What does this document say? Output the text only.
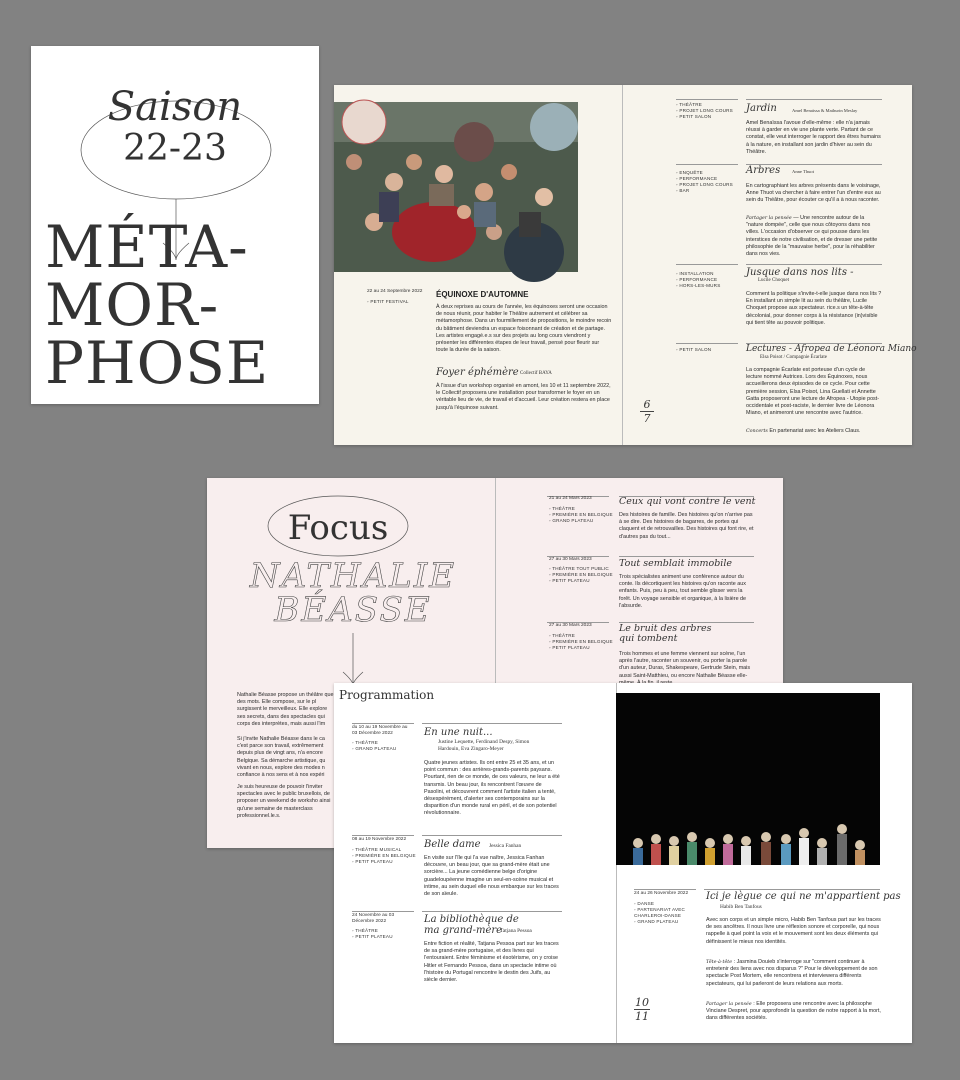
Saison
22-23
MÉTA-
MOR-
PHOSE
22 au 24 Septembre 2022
◦ PETIT FESTIVAL
ÉQUINOXE D'AUTOMNE
À deux reprises au cours de l'année, les équinoxes seront une occasion de nous réunir, pour habiter le Théâtre autrement et célébrer sa métamorphose. Dans un fourmillement de propositions, le moindre recoin du bâtiment deviendra un espace foisonnant de création et de partage. Les artistes engagé.e.s sur des projets au long cours viendront y présenter les différentes étapes de leur travail, pensé pour fleurir sur toute la durée de la saison.
Foyer éphémère Collectif BAYA
À l'issue d'un workshop organisé en amont, les 10 et 11 septembre 2022, le Collectif proposera une installation pour transformer le foyer en un véritable lieu de vie, de travail et d'accueil. Leur création restera en place jusqu'à l'équinoxe suivant.	6
7
◦ THÉÂTRE
◦ PROJET LONG COURS
◦ PETIT SALON
Jardin	Amel Benaïssa & Mathurin Meslay
Amel Benaïssa l'avoue d'elle-même : elle n'a jamais réussi à garder en vie une plante verte. Partant de ce constat, elle veut interroger le rapport des êtres humains à la nature, en installant son jardin d'hiver au sein du Théâtre.
◦ ENQUÊTE
◦ PERFORMANCE
◦ PROJET LONG COURS
◦ BAR
Arbres	Anne Thuot
En cartographiant les arbres présents dans le voisinage, Anne Thuot va chercher à faire entrer l'un d'entre eux au sein du Théâtre, pour écouter ce qu'il a à nous raconter.
Partager la pensée — Une rencontre autour de la "nature dompée", celle que nous côtoyons dans nos villes. L'occasion d'observer ce qui pousse dans les interstices de notre civilisation, et de dresser une petite philosophie de la "mauvaise herbe", pour la réhabiliter dans nos vies.
◦ INSTALLATION
◦ PERFORMANCE
◦ HORS-LES-MURS
Jusque dans nos lits -
Lucile Choquet
Comment la politique s'invite-t-elle jusque dans nos lits ? En installant un simple lit au sein du théâtre, Lucile Choquet propose aux spectateur. rice.s un tête-à-tête décolonial, pour donner corps à la résistance (in)visible qui tient tête au pouvoir politique.
◦ PETIT SALON	Lectures - Afropea de Léonora Miano
Elsa Poisot / Compagnie Écarlate
La compagnie Écarlate est porteuse d'un cycle de lecture nommé Autrices. Lors des Équinoxes, nous accueillerons deux épisodes de ce cycle. Pour cette première session, Elsa Poisot, Lina Guellati et Annette Gatta proposeront une lecture de Afropea - Utopie post-occidentale et post-raciste, le dernier livre de Léonora Miano, et animeront une rencontre avec l'autrice.
Concerts En partenariat avec les Ateliers Claus.
Focus
NATHALIE
BÉASSE
Nathalie Béasse propose un théâtre que des mots. Elle compose, sur le pl surgissent le merveilleux. Elle explore ses secrets, dans des spectacles qui corps des interprètes, mais aussi l'im
Si j'invite Nathalie Béasse dans le ca c'est parce son travail, extrêmement depuis plus de vingt ans, n'a encore Belgique. Sa démarche artistique, qu vivant en nous, explore des modes n confiance à nos sens et à nos expéri
Je suis heureuse de pouvoir l'inviter spectacles avec le public bruxellois, de proposer un weekend de worksho ainsi qu'une semaine de masterclass professionnel.le.s.
21 au 24 Mars 2023
◦ THÉÂTRE
◦ PREMIÈRE EN BELGIQUE
◦ GRAND PLATEAU
Ceux qui vont contre le vent
Des histoires de famille. Des histoires qu'on n'arrive pas à se dire. Des histoires de bagarres, de portes qui claquent et de retrouvailles. Des histoires qui font rire, et d'autres pas du tout...
27 au 30 Mars 2023
◦ THÉÂTRE TOUT PUBLIC
◦ PREMIÈRE EN BELGIQUE
◦ PETIT PLATEAU
Tout semblait immobile
Trois spécialistes animent une conférence autour du conte. Ils décortiquent les histoires qu'on raconte aux enfants. Puis, peu à peu, tout semble glisser vers la forêt. Un voyage sensible et organique, à la lisière de l'absurde.
27 au 30 Mars 2023
◦ THÉÂTRE
◦ PREMIÈRE EN BELGIQUE
◦ PETIT PLATEAU
Le bruit des arbres qui tombent
Trois hommes et une femme viennent sur scène, l'un après l'autre, raconter un souvenir, ou porter la parole d'un auteur, Duras, Shakespeare, Gertrude Stein, mais aussi Saint-Matthieu, ou encore Nathalie Béasse elle-
Programmation
du 10 au 19 Novembre au 03 Décembre 2022
◦ THÉÂTRE
◦ GRAND PLATEAU
En une nuit...
Justine Lequette, Ferdinand Despy, Simon Hardouin, Eva Zingaro-Meyer
Quatre jeunes artistes. Ils ont entre 25 et 35 ans, et un point commun : des arrières-grands-parents paysans. Pourtant, rien de ce monde, de ces valeurs, ne leur a été transmis. Un beau jour, ils rencontrent l'œuvre de Pasolini, et découvrent comment l'artiste italien a tenté, désespérément, d'alerter ses contemporains sur la disparition d'un monde rural en péril, et de son potentiel révolutionnaire.
08 au 19 Novembre 2022
◦ THÉÂTRE MUSICAL
◦ PREMIÈRE EN BELGIQUE
◦ PETIT PLATEAU
Belle dame Jessica Fanhan
En visite sur l'île qui l'a vue naître, Jessica Fanhan découvre, un beau jour, que sa grand-mère était une sorcière... La jeune comédienne belge d'origine guadeloupéenne imagine un seul-en-scène musical et intime, au sein duquel elle nous embarque sur les traces de son aïeule.
24 Novembre au 03 Décembre 2022
◦ THÉÂTRE
◦ PETIT PLATEAU
La bibliothèque de ma grand-mère
Tatjana Pessoa
Entre fiction et réalité, Tatjana Pessoa part sur les traces de sa grand-mère portugaise, et des livres qui l'entouraient. Entre féminisme et ésotérisme, on y croise Hitler et Fernando Pessoa, dans un spectacle intime où l'histoire du Portugal rencontre le destin des Juifs, au siècle dernier.
24 au 26 Novembre 2022
◦ DANSE
◦ PARTENARIAT AVEC CHARLEROI-DANSE
◦ GRAND PLATEAU
Ici je lègue ce qui ne m'appartient pas
Habib Ben Tanfous
Avec son corps et un simple micro, Habib Ben Tanfous part sur les traces de ses ancêtres. Il nous livre une réflexion sonore et corporelle, qui nous rappelle à quel point la voix et le mouvement sont les deux éléments qui définissent le mieux nos identités.
Tête-à-tête : Jasmina Douieb s'interroge sur "comment continuer à entretenir des liens avec nos disparus ?" Pour le développement de son spectacle Post Mortem, elle rencontrera et interviewera différents spectateurs, qui lui parleront de leurs relations aux morts.
Partager la pensée : Elle proposera une rencontre avec la philosophe Vinciane Despret, pour approfondir la question de notre rapport à la mort, dans différentes sociétés.
10
11
